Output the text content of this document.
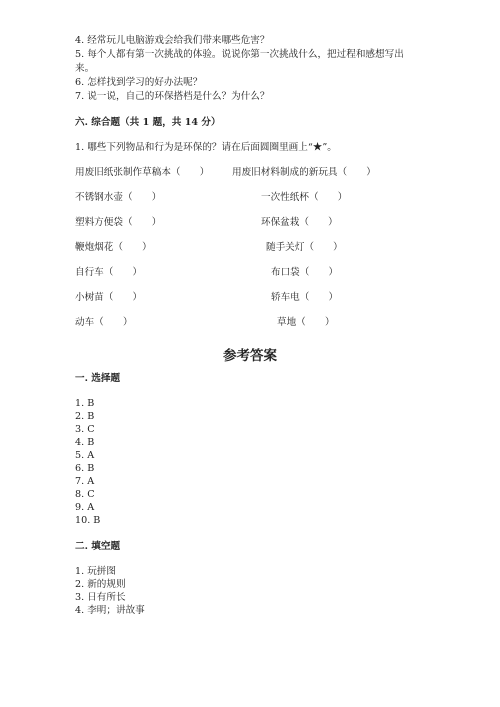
4. 经常玩儿电脑游戏会给我们带来哪些危害？
5. 每个人都有第一次挑战的体验。说说你第一次挑战什么，把过程和感想写出
来。
6. 怎样找到学习的好办法呢？
7. 说一说，自己的环保搭档是什么？为什么？
六. 综合题（共 1 题，共 14 分）
1. 哪些下列物品和行为是环保的？请在后面圆圈里画上“★”。
用废旧纸张制作草稿本（　　）
不锈钢水壶（　　）
塑料方便袋（　　）
鞭炮烟花（　　）
自行车（　　）
小树苗（　　）
动车（　　）
用废旧材料制成的新玩具（　　）
一次性纸杯（　　）
环保盆栽（　　）
随手关灯（　　）
布口袋（　　）
轿车电（　　）
草地（　　）
参考答案
一. 选择题
1. B
2. B
3. C
4. B
5. A
6. B
7. A
8. C
9. A
10. B
二. 填空题
1. 玩拼图
2. 新的规则
3. 日有所长
4. 李明；讲故事
